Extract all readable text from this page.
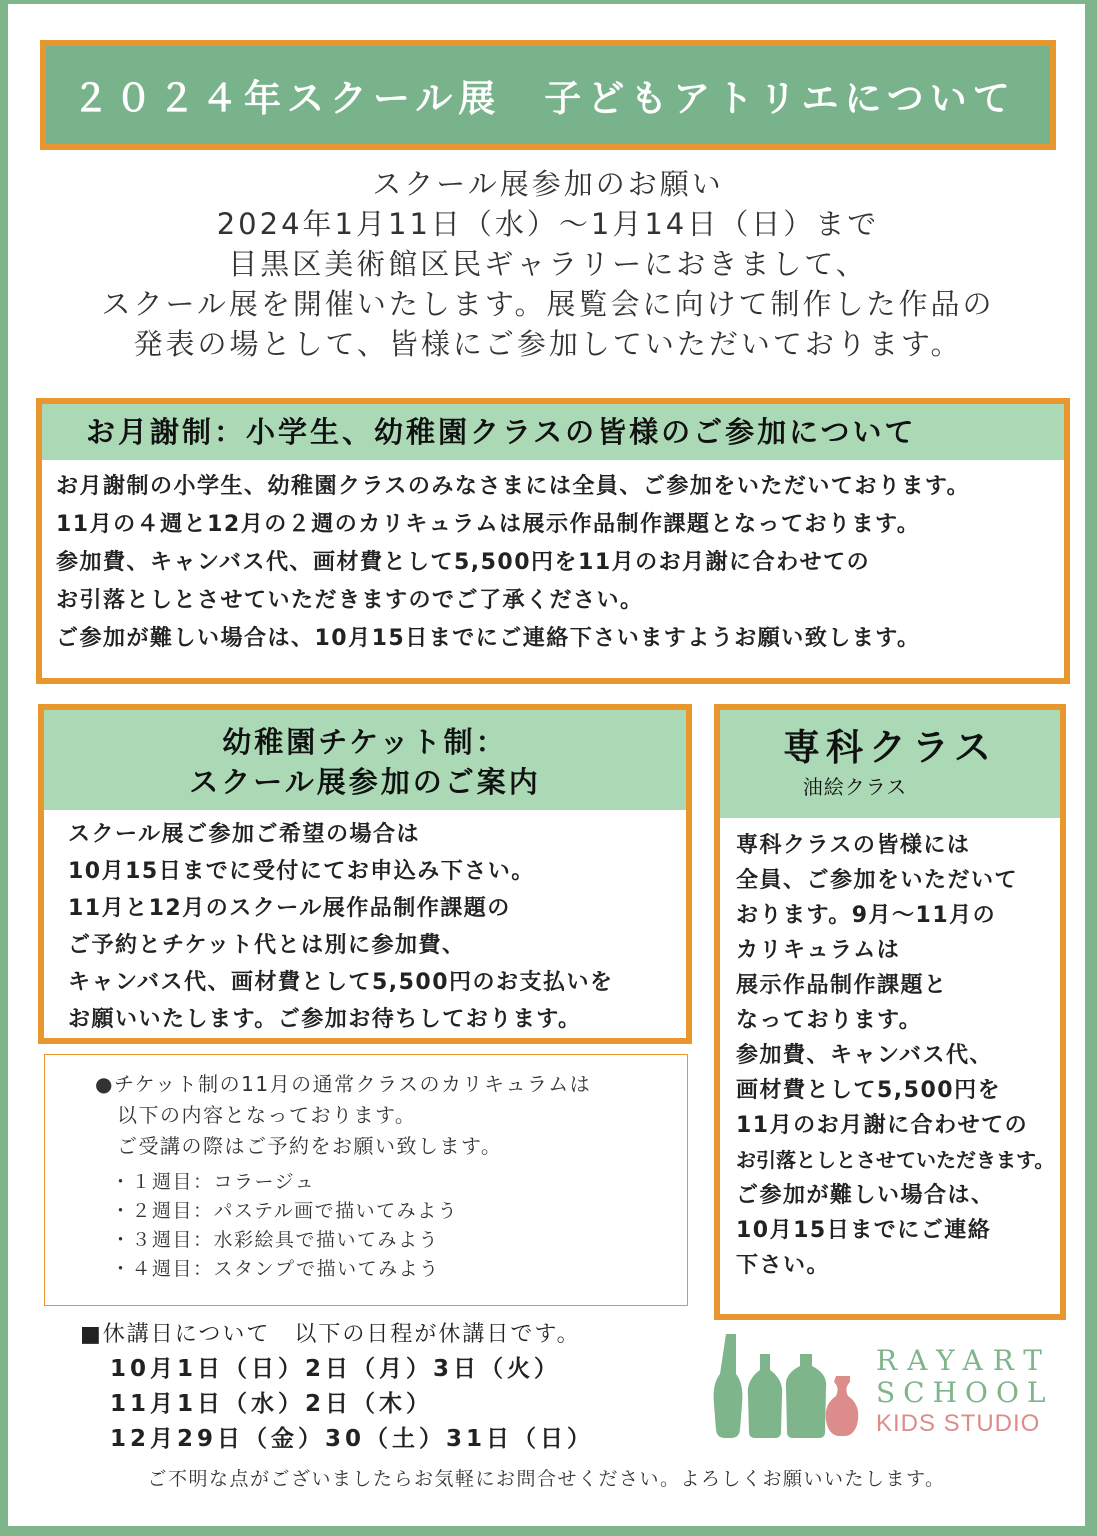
２０２４年スクール展　子どもアトリエについて
スクール展参加のお願い
2024年1月11日（水）～1月14日（日）まで
目黒区美術館区民ギャラリーにおきまして、
スクール展を開催いたします。展覧会に向けて制作した作品の
発表の場として、皆様にご参加していただいております。
お月謝制：小学生、幼稚園クラスの皆様のご参加について
お月謝制の小学生、幼稚園クラスのみなさまには全員、ご参加をいただいております。
11月の４週と12月の２週のカリキュラムは展示作品制作課題となっております。
参加費、キャンバス代、画材費として5,500円を11月のお月謝に合わせての
お引落としとさせていただきますのでご了承ください。
ご参加が難しい場合は、10月15日までにご連絡下さいますようお願い致します。
幼稚園チケット制：
スクール展参加のご案内
スクール展ご参加ご希望の場合は
10月15日までに受付にてお申込み下さい。
11月と12月のスクール展作品制作課題の
ご予約とチケット代とは別に参加費、
キャンバス代、画材費として5,500円のお支払いを
お願いいたします。ご参加お待ちしております。
専科クラス
油絵クラス
専科クラスの皆様には
全員、ご参加をいただいて
おります。9月～11月の
カリキュラムは
展示作品制作課題と
なっております。
参加費、キャンバス代、
画材費として5,500円を
11月のお月謝に合わせての
お引落としとさせていただきます。
ご参加が難しい場合は、
10月15日までにご連絡
下さい。
●チケット制の11月の通常クラスのカリキュラムは
以下の内容となっております。
ご受講の際はご予約をお願い致します。
・１週目：コラージュ
・２週目：パステル画で描いてみよう
・３週目：水彩絵具で描いてみよう
・４週目：スタンプで描いてみよう
■休講日について　以下の日程が休講日です。
10月1日（日）2日（月）3日（火）
11月1日（水）2日（木）
12月29日（金）30（土）31日（日）
RAYART
SCHOOL
KIDS STUDIO
ご不明な点がございましたらお気軽にお問合せください。よろしくお願いいたします。
